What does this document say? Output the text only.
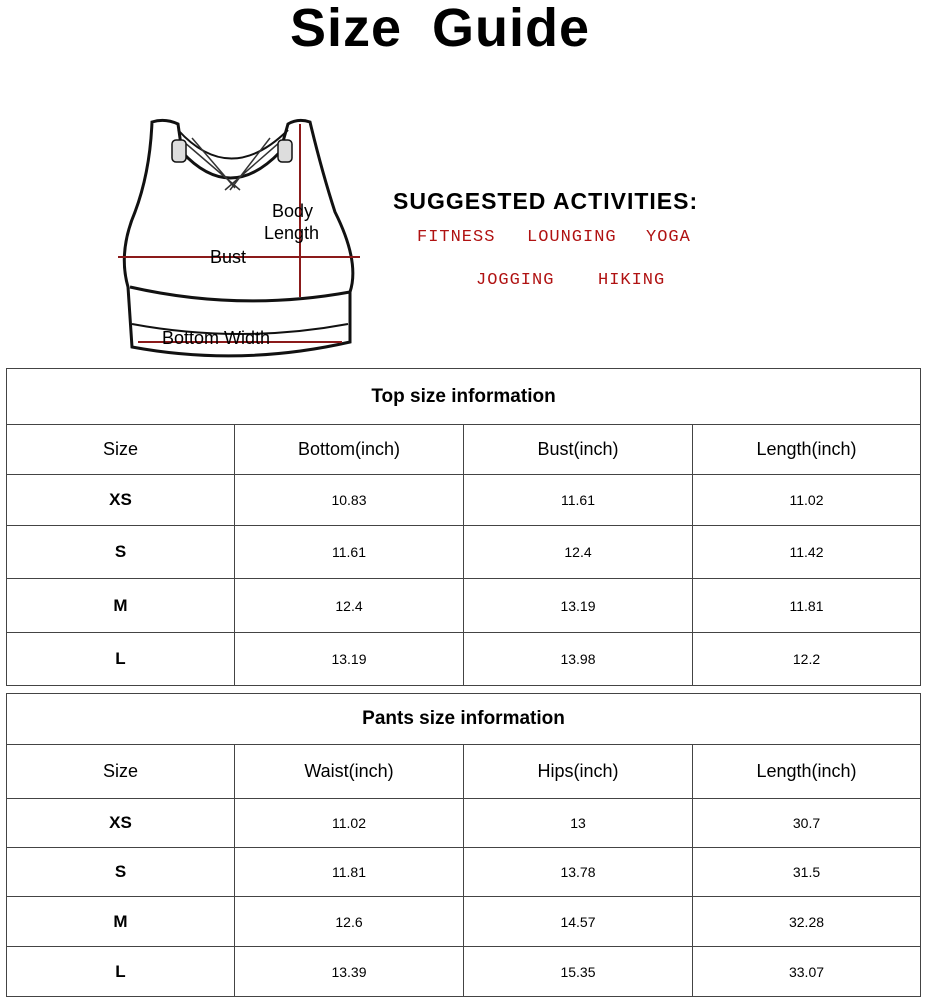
Size Guide
Body
Length
Bust
Bottom Width
SUGGESTED ACTIVITIES:
FITNESS LOUNGING YOGA
JOGGING	HIKING
Top size information			
Size	Bottom(inch)	Bust(inch)	Length(inch)
XS	10.83	11.61	11.02
S	11.61	12.4	11.42
M	12.4	13.19	11.81
L	13.19	13.98	12.2
Pants size information			
Size	Waist(inch)	Hips(inch)	Length(inch)
XS	11.02	13	30.7
S	11.81	13.78	31.5
M	12.6	14.57	32.28
L	13.39	15.35	33.07
